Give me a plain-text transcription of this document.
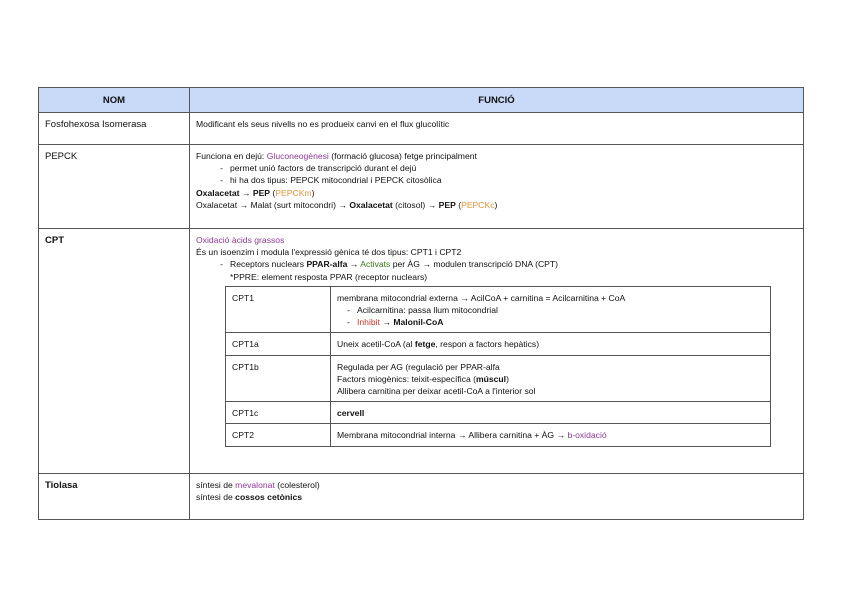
NOM	FUNCIÓ
Fosfohexosa Isomerasa	Modificant els seus nivells no es produeix canvi en el flux glucolític

PEPCK	Funciona en dejú: Gluconeogènesi (formació glucosa) fetge principalment
- permet unió factors de transcripció durant el dejú
- hi ha dos tipus: PEPCK mitocondrial i PEPCK citosòlica
Oxalacetat → PEP (PEPCKm)
Oxalacetat → Malat (surt mitocondri) → Oxalacetat (citosol) → PEP (PEPCKc)

CPT	Oxidació àcids grassos
És un isoenzim i modula l'expressió gènica té dos tipus: CPT1 i CPT2
- Receptors nuclears PPAR-alfa → Activats per ÀG → modulen transcripció DNA (CPT)
*PPRE: element resposta PPAR (receptor nuclears)
CPT1	membrana mitocondrial externa → AcilCoA + carnitina = Acilcarnitina + CoA
- Acilcarnitina: passa llum mitocondrial
- Inhibit → Malonil-CoA

CPT1a	Uneix acetil-CoA (al fetge, respon a factors hepàtics)

CPT1b	Regulada per AG (regulació per PPAR-alfa
Factors miogènics: teixit-específica (múscul)
Allibera carnitina per deixar acetil-CoA a l'interior sol

CPT1c	cervell
CPT2	Membrana mitocondrial interna → Allibera carnitina + ÀG → b-oxidació

Tiolasa	síntesi de mevalonat (colesterol)
síntesi de cossos cetònics
